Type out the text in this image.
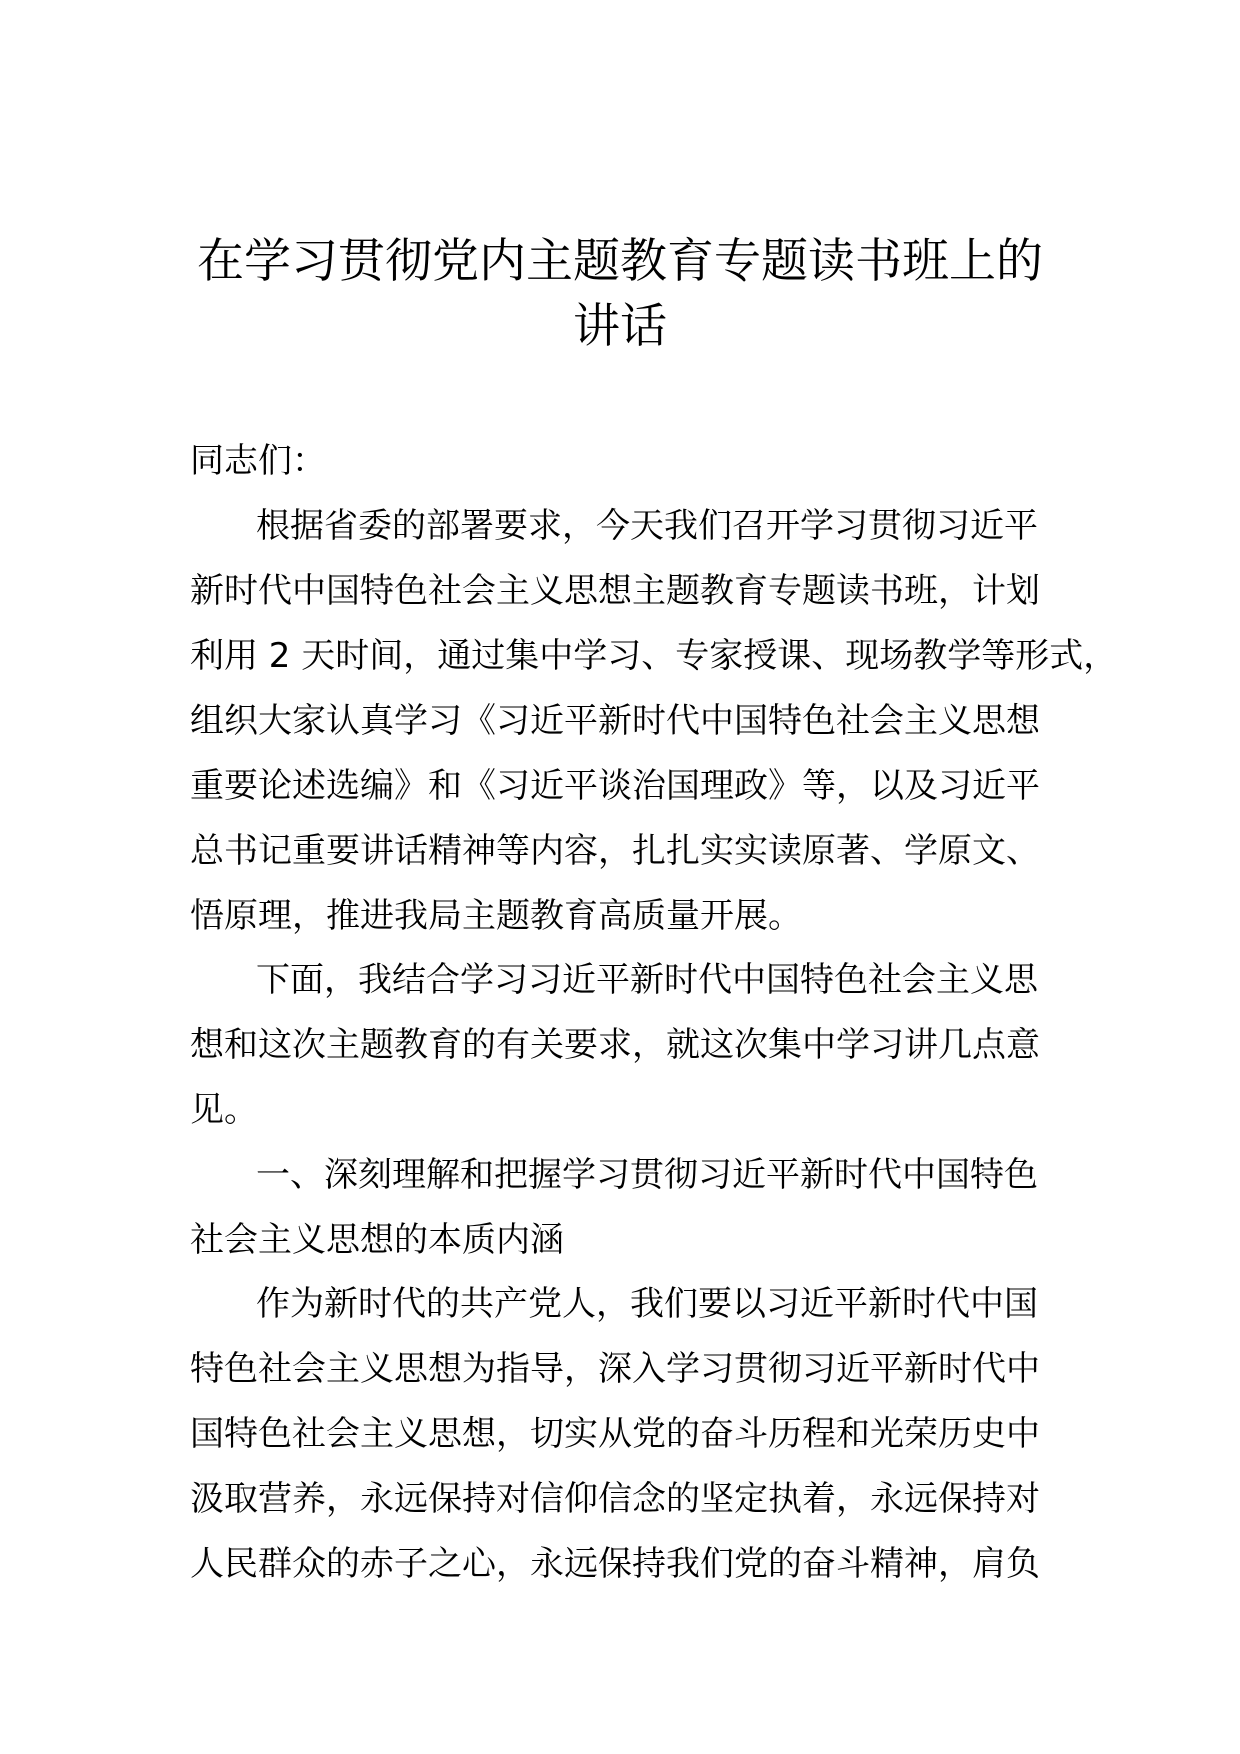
在学习贯彻党内主题教育专题读书班上的
讲话
同志们：
根据省委的部署要求，今天我们召开学习贯彻习近平
新时代中国特色社会主义思想主题教育专题读书班，计划
利用 2 天时间，通过集中学习、专家授课、现场教学等形式，
组织大家认真学习《习近平新时代中国特色社会主义思想
重要论述选编》和《习近平谈治国理政》等，以及习近平
总书记重要讲话精神等内容，扎扎实实读原著、学原文、
悟原理，推进我局主题教育高质量开展。
下面，我结合学习习近平新时代中国特色社会主义思
想和这次主题教育的有关要求，就这次集中学习讲几点意
见。
一、深刻理解和把握学习贯彻习近平新时代中国特色
社会主义思想的本质内涵
作为新时代的共产党人，我们要以习近平新时代中国
特色社会主义思想为指导，深入学习贯彻习近平新时代中
国特色社会主义思想，切实从党的奋斗历程和光荣历史中
汲取营养，永远保持对信仰信念的坚定执着，永远保持对
人民群众的赤子之心，永远保持我们党的奋斗精神，肩负
